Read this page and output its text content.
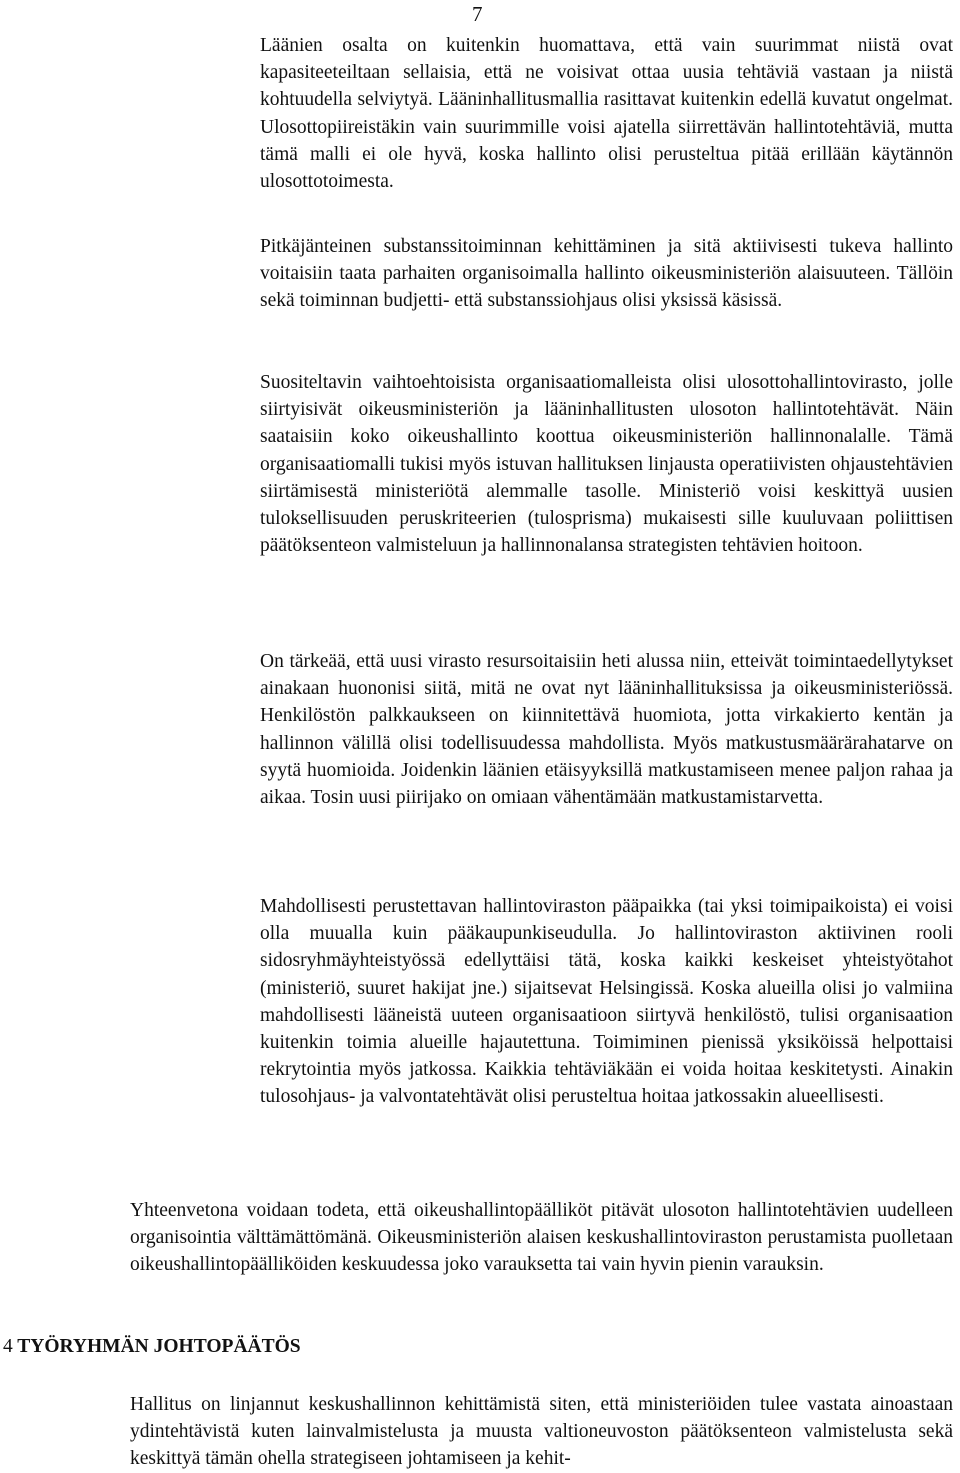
7

Läänien osalta on kuitenkin huomattava, että vain suurimmat niistä ovat kapasiteeteiltaan sellaisia, että ne voisivat ottaa uusia tehtäviä vastaan ja niistä kohtuudella selviytyä. Lääninhallitusmallia rasittavat kuitenkin edellä kuvatut ongelmat. Ulosottopiireistäkin vain suurimmille voisi ajatella siirrettävän hallintotehtäviä, mutta tämä malli ei ole hyvä, koska hallinto olisi perusteltua pitää erillään käytännön ulosottotoimesta.

Pitkäjänteinen substanssitoiminnan kehittäminen ja sitä aktiivisesti tukeva hallinto voitaisiin taata parhaiten organisoimalla hallinto oikeusministeriön alaisuuteen. Tällöin sekä toiminnan budjetti- että substanssiohjaus olisi yksissä käsissä.

Suositeltavin vaihtoehtoisista organisaatiomalleista olisi ulosottohallintovirasto, jolle siirtyisivät oikeusministeriön ja lääninhallitusten ulosoton hallintotehtävät. Näin saataisiin koko oikeushallinto koottua oikeusministeriön hallinnonalalle. Tämä organisaatiomalli tukisi myös istuvan hallituksen linjausta operatiivisten ohjaustehtävien siirtämisestä ministeriötä alemmalle tasolle. Ministeriö voisi keskittyä uusien tuloksellisuuden peruskriteerien (tulosprisma) mukaisesti sille kuuluvaan poliittisen päätöksenteon valmisteluun ja hallinnonalansa strategisten tehtävien hoitoon.

On tärkeää, että uusi virasto resursoitaisiin heti alussa niin, etteivät toimintaedellytykset ainakaan huononisi siitä, mitä ne ovat nyt lääninhallituksissa ja oikeusministeriössä. Henkilöstön palkkaukseen on kiinnitettävä huomiota, jotta virkakierto kentän ja hallinnon välillä olisi todellisuudessa mahdollista. Myös matkustusmäärärahatarve on syytä huomioida. Joidenkin läänien etäisyyksillä matkustamiseen menee paljon rahaa ja aikaa. Tosin uusi piirijako on omiaan vähentämään matkustamistarvetta.

Mahdollisesti perustettavan hallintoviraston pääpaikka (tai yksi toimipaikoista) ei voisi olla muualla kuin pääkaupunkiseudulla. Jo hallintoviraston aktiivinen rooli sidosryhmäyhteistyössä edellyttäisi tätä, koska kaikki keskeiset yhteistyötahot (ministeriö, suuret hakijat jne.) sijaitsevat Helsingissä. Koska alueilla olisi jo valmiina mahdollisesti lääneistä uuteen organisaatioon siirtyvä henkilöstö, tulisi organisaation kuitenkin toimia alueille hajautettuna. Toimiminen pienissä yksiköissä helpottaisi rekrytointia myös jatkossa. Kaikkia tehtäviäkään ei voida hoitaa keskitetysti. Ainakin tulosohjaus- ja valvontatehtävät olisi perusteltua hoitaa jatkossakin alueellisesti.

Yhteenvetona voidaan todeta, että oikeushallintopäälliköt pitävät ulosoton hallintotehtävien uudelleen organisointia välttämättömänä. Oikeusministeriön alaisen keskushallintoviraston perustamista puolletaan oikeushallintopäälliköiden keskuudessa joko varauksetta tai vain hyvin pienin varauksin.

4 TYÖRYHMÄN JOHTOPÄÄTÖS

Hallitus on linjannut keskushallinnon kehittämistä siten, että ministeriöiden tulee vastata ainoastaan ydintehtävistä kuten lainvalmistelusta ja muusta valtioneuvoston päätöksenteon valmistelusta sekä keskittyä tämän ohella strategiseen johtamiseen ja kehit-
